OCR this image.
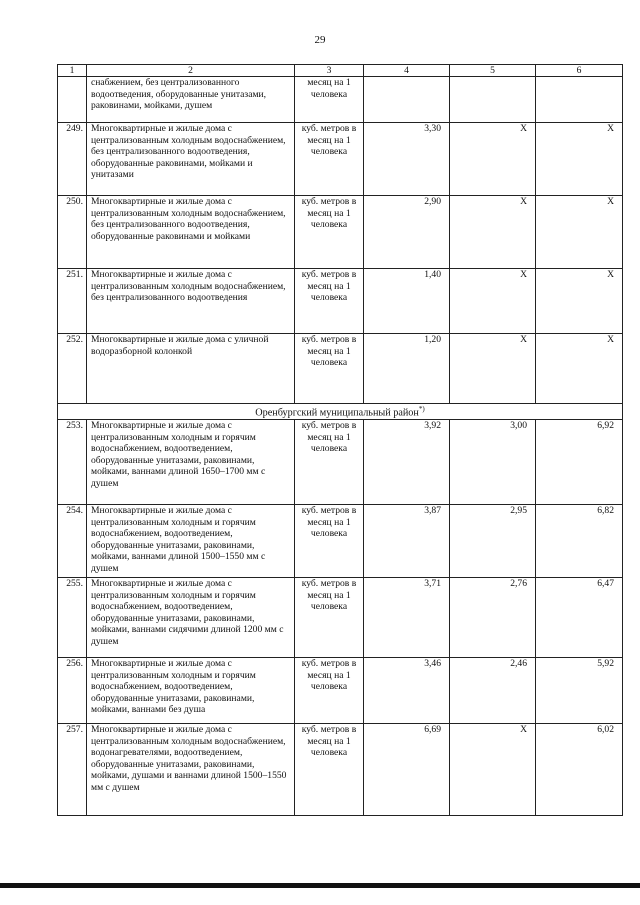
29
1	2	3	4	5	6
	снабжением, без централизованного водоотведения, оборудованные унитазами, раковинами, мойками, душем	месяц на 1 человека			
249.	Многоквартирные и жилые дома с централизованным холодным водоснабжением, без централизованного водоотведения, оборудованные раковинами, мойками и унитазами	куб. метров в месяц на 1 человека	3,30	Х	Х
250.	Многоквартирные и жилые дома с централизованным холодным водоснабжением, без централизованного водоотведения, оборудованные раковинами и мойками	куб. метров в месяц на 1 человека	2,90	Х	Х
251.	Многоквартирные и жилые дома с централизованным холодным водоснабжением, без централизованного водоотведения	куб. метров в месяц на 1 человека	1,40	Х	Х
252.	Многоквартирные и жилые дома с уличной водоразборной колонкой	куб. метров в месяц на 1 человека	1,20	Х	Х
Оренбургский муниципальный район*)
253.	Многоквартирные и жилые дома с централизованным холодным и горячим водоснабжением, водоотведением, оборудованные унитазами, раковинами, мойками, ваннами длиной 1650–1700 мм с душем	куб. метров в месяц на 1 человека	3,92	3,00	6,92
254.	Многоквартирные и жилые дома с централизованным холодным и горячим водоснабжением, водоотведением, оборудованные унитазами, раковинами, мойками, ваннами длиной 1500–1550 мм с душем	куб. метров в месяц на 1 человека	3,87	2,95	6,82
255.	Многоквартирные и жилые дома с централизованным холодным и горячим водоснабжением, водоотведением, оборудованные унитазами, раковинами, мойками, ваннами сидячими длиной 1200 мм с душем	куб. метров в месяц на 1 человека	3,71	2,76	6,47
256.	Многоквартирные и жилые дома с централизованным холодным и горячим водоснабжением, водоотведением, оборудованные унитазами, раковинами, мойками, ваннами без душа	куб. метров в месяц на 1 человека	3,46	2,46	5,92
257.	Многоквартирные и жилые дома с централизованным холодным водоснабжением, водонагревателями, водоотведением, оборудованные унитазами, раковинами, мойками, душами и ваннами длиной 1500–1550 мм с душем	куб. метров в месяц на 1 человека	6,69	Х	6,02
